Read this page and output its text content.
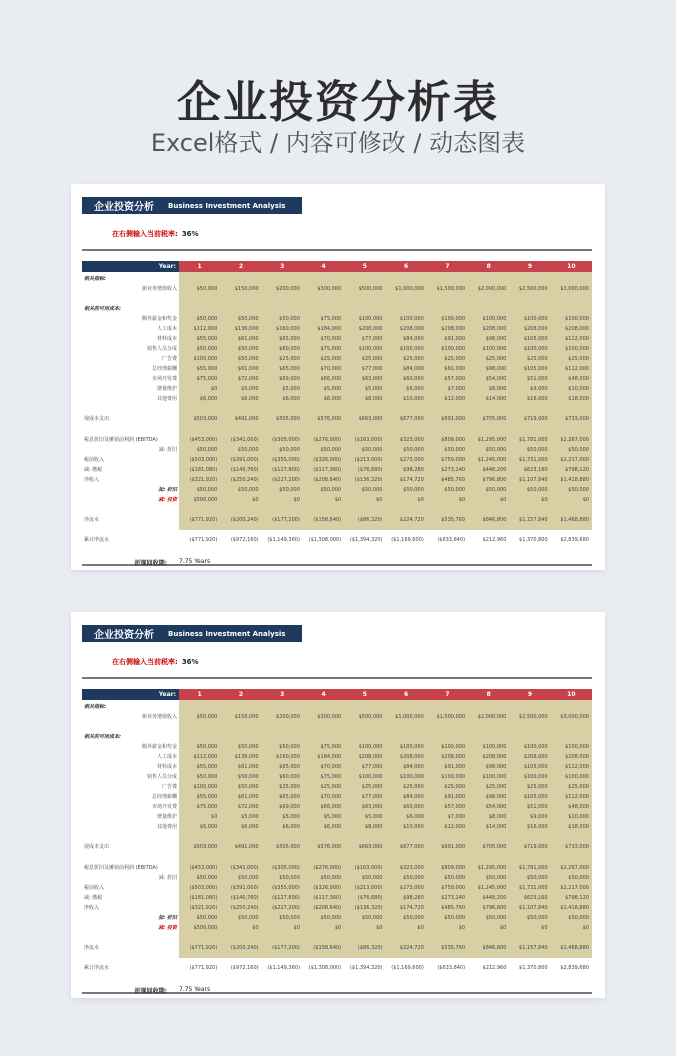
企业投资分析表
Excel格式 / 内容可修改 / 动态图表
企业投资分析 Business Investment Analysis
在右侧输入当前税率: 36%
Year:	1	2	3	4	5	6	7	8	9	10
相关指标:
新业务增值收入	$50,000	$150,000	$200,000	$300,000	$500,000	$1,000,000	$1,500,000	$2,000,000	$2,500,000	$3,000,000
相关的可用成本:
额外薪金和奖金	$50,000	$50,000	$50,000	$75,000	$100,000	$100,000	$100,000	$100,000	$100,000	$100,000
人工成本	$112,000	$136,000	$160,000	$184,000	$208,000	$208,000	$208,000	$208,000	$208,000	$208,000
材料成本	$55,000	$61,000	$65,000	$70,000	$77,000	$84,000	$91,000	$98,000	$105,000	$112,000
销售人员分成	$50,000	$50,000	$60,000	$75,000	$100,000	$100,000	$100,000	$100,000	$100,000	$100,000
广告费	$100,000	$50,000	$25,000	$25,000	$25,000	$25,000	$25,000	$25,000	$25,000	$25,000
总经理薪酬	$55,000	$61,000	$65,000	$70,000	$77,000	$84,000	$91,000	$98,000	$105,000	$112,000
市场开发费	$75,000	$72,000	$69,000	$66,000	$63,000	$60,000	$57,000	$54,000	$51,000	$48,000
增量维护	$0	$5,000	$5,000	$5,000	$5,000	$6,000	$7,000	$8,000	$9,000	$10,000
其他费用	$6,000	$6,000	$6,000	$6,000	$8,000	$10,000	$12,000	$14,000	$16,000	$18,000
现成本支出	$503,000	$491,000	$505,000	$576,000	$663,000	$677,000	$691,000	$705,000	$719,000	$733,000
税息折旧及摊销前利润 (EBITDA)	($453,000)	($341,000)	($305,000)	($276,000)	($163,000)	$323,000	$809,000	$1,295,000	$1,781,000	$2,267,000
减: 折旧	$50,000	$50,000	$50,000	$50,000	$50,000	$50,000	$50,000	$50,000	$50,000	$50,000
税前收入	($503,000)	($391,000)	($355,000)	($326,000)	($213,000)	$273,000	$759,000	$1,245,000	$1,731,000	$2,217,000
减: 缴税	($181,080)	($140,760)	($127,800)	($117,360)	($76,680)	$98,280	$273,240	$448,200	$623,160	$798,120
净收入	($321,920)	($250,240)	($227,200)	($208,640)	($136,320)	$174,720	$485,760	$796,800	$1,107,840	$1,418,880
加: 折旧	$50,000	$50,000	$50,000	$50,000	$50,000	$50,000	$50,000	$50,000	$50,000	$50,000
减: 投资	$500,000	$0	$0	$0	$0	$0	$0	$0	$0	$0
净流水	($771,920)	($200,240)	($177,200)	($158,640)	($86,320)	$224,720	$535,760	$846,800	$1,157,840	$1,468,880
累计净流水	($771,920)	($972,160)	($1,149,360)	($1,308,000)	($1,394,320)	($1,169,600)	($633,840)	$212,960	$1,370,800	$2,839,680
折现回收期:	7.75 Years
企业投资分析 Business Investment Analysis
在右侧输入当前税率: 36%
Year:	1	2	3	4	5	6	7	8	9	10
相关指标:
新业务增值收入	$50,000	$150,000	$200,000	$300,000	$500,000	$1,000,000	$1,500,000	$2,000,000	$2,500,000	$3,000,000
相关的可用成本:
额外薪金和奖金	$50,000	$50,000	$50,000	$75,000	$100,000	$100,000	$100,000	$100,000	$100,000	$100,000
人工成本	$112,000	$136,000	$160,000	$184,000	$208,000	$208,000	$208,000	$208,000	$208,000	$208,000
材料成本	$55,000	$61,000	$65,000	$70,000	$77,000	$84,000	$91,000	$98,000	$105,000	$112,000
销售人员分成	$50,000	$50,000	$60,000	$75,000	$100,000	$100,000	$100,000	$100,000	$100,000	$100,000
广告费	$100,000	$50,000	$25,000	$25,000	$25,000	$25,000	$25,000	$25,000	$25,000	$25,000
总经理薪酬	$55,000	$61,000	$65,000	$70,000	$77,000	$84,000	$91,000	$98,000	$105,000	$112,000
市场开发费	$75,000	$72,000	$69,000	$66,000	$63,000	$60,000	$57,000	$54,000	$51,000	$48,000
增量维护	$0	$5,000	$5,000	$5,000	$5,000	$6,000	$7,000	$8,000	$9,000	$10,000
其他费用	$6,000	$6,000	$6,000	$6,000	$8,000	$10,000	$12,000	$14,000	$16,000	$18,000
现成本支出	$503,000	$491,000	$505,000	$576,000	$663,000	$677,000	$691,000	$705,000	$719,000	$733,000
税息折旧及摊销前利润 (EBITDA)	($453,000)	($341,000)	($305,000)	($276,000)	($163,000)	$323,000	$809,000	$1,295,000	$1,781,000	$2,267,000
减: 折旧	$50,000	$50,000	$50,000	$50,000	$50,000	$50,000	$50,000	$50,000	$50,000	$50,000
税前收入	($503,000)	($391,000)	($355,000)	($326,000)	($213,000)	$273,000	$759,000	$1,245,000	$1,731,000	$2,217,000
减: 缴税	($181,080)	($140,760)	($127,800)	($117,360)	($76,680)	$98,280	$273,240	$448,200	$623,160	$798,120
净收入	($321,920)	($250,240)	($227,200)	($208,640)	($136,320)	$174,720	$485,760	$796,800	$1,107,840	$1,418,880
加: 折旧	$50,000	$50,000	$50,000	$50,000	$50,000	$50,000	$50,000	$50,000	$50,000	$50,000
减: 投资	$500,000	$0	$0	$0	$0	$0	$0	$0	$0	$0
净流水	($771,920)	($200,240)	($177,200)	($158,640)	($86,320)	$224,720	$535,760	$846,800	$1,157,840	$1,468,880
累计净流水	($771,920)	($972,160)	($1,149,360)	($1,308,000)	($1,394,320)	($1,169,600)	($633,840)	$212,960	$1,370,800	$2,839,680
折现回收期:	7.75 Years
